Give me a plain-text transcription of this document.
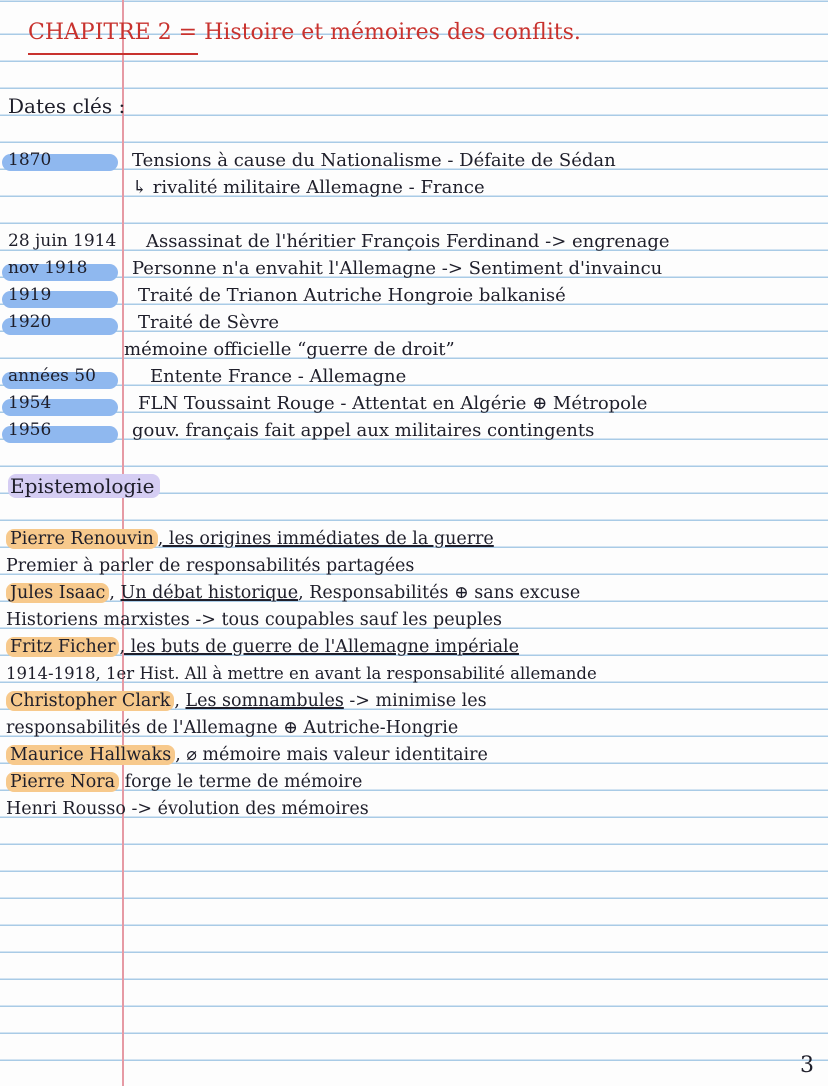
CHAPITRE 2 = Histoire et mémoires des conflits.
Dates clés :
1870	Tensions à cause du Nationalisme - Défaite de Sédan
↳ rivalité militaire Allemagne - France
28 juin 1914 Assassinat de l'héritier François Ferdinand -> engrenage
nov 1918 Personne n'a envahit l'Allemagne -> Sentiment d'invaincu
1919	Traité de Trianon Autriche Hongroie balkanisé
1920	Traité de Sèvre
mémoine officielle “guerre de droit”
années 50	Entente France - Allemagne
1954	FLN Toussaint Rouge - Attentat en Algérie ⊕ Métropole
1956	gouv. français fait appel aux militaires contingents
Epistemologie
Pierre Renouvin , les origines immédiates de la guerre
Premier à parler de responsabilités partagées
Jules Isaac , Un débat historique, Responsabilités ⊕ sans excuse
Historiens marxistes -> tous coupables sauf les peuples
Fritz Ficher , les buts de guerre de l'Allemagne impériale
1914-1918, 1er Hist. All à mettre en avant la responsabilité allemande
Christopher Clark , Les somnambules -> minimise les
responsabilités de l'Allemagne ⊕ Autriche-Hongrie
Maurice Hallwaks , ⌀ mémoire mais valeur identitaire
Pierre Nora forge le terme de mémoire
Henri Rousso -> évolution des mémoires
3
